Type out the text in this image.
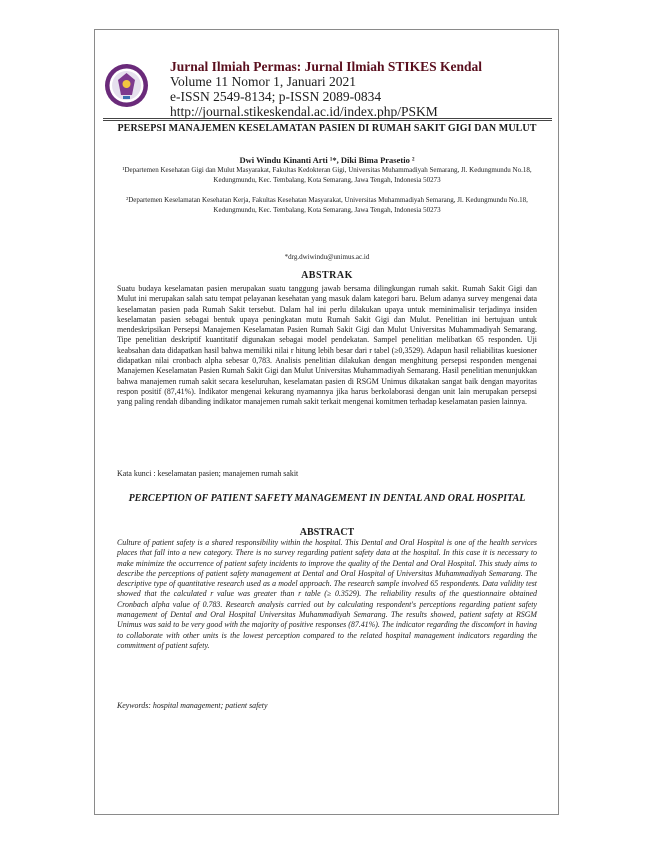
Jurnal Ilmiah Permas: Jurnal Ilmiah STIKES Kendal
Volume 11 Nomor 1, Januari 2021
e-ISSN 2549-8134; p-ISSN 2089-0834
http://journal.stikeskendal.ac.id/index.php/PSKM
PERSEPSI MANAJEMEN KESELAMATAN PASIEN DI RUMAH SAKIT GIGI DAN MULUT
Dwi Windu Kinanti Arti ¹*, Diki Bima Prasetio ²
¹Departemen Kesehatan Gigi dan Mulut Masyarakat, Fakultas Kedokteran Gigi, Universitas Muhammadiyah Semarang, Jl. Kedungmundu No.18, Kedungmundu, Kec. Tembalang, Kota Semarang, Jawa Tengah, Indonesia 50273
²Departemen Keselamatan Kesehatan Kerja, Fakultas Kesehatan Masyarakat, Universitas Muhammadiyah Semarang, Jl. Kedungmundu No.18, Kedungmundu, Kec. Tembalang, Kota Semarang, Jawa Tengah, Indonesia 50273
*drg.dwiwindu@unimus.ac.id
ABSTRAK
Suatu budaya keselamatan pasien merupakan suatu tanggung jawab bersama dilingkungan rumah sakit. Rumah Sakit Gigi dan Mulut ini merupakan salah satu tempat pelayanan kesehatan yang masuk dalam kategori baru. Belum adanya survey mengenai data keselamatan pasien pada Rumah Sakit tersebut. Dalam hal ini perlu dilakukan upaya untuk meminimalisir terjadinya insiden keselamatan pasien sebagai bentuk upaya peningkatan mutu Rumah Sakit Gigi dan Mulut. Penelitian ini bertujuan untuk mendeskripsikan Persepsi Manajemen Keselamatan Pasien Rumah Sakit Gigi dan Mulut Universitas Muhammadiyah Semarang. Tipe penelitian deskriptif kuantitatif digunakan sebagai model pendekatan. Sampel penelitian melibatkan 65 responden. Uji keabsahan data didapatkan hasil bahwa memiliki nilai r hitung lebih besar dari r tabel (≥0,3529). Adapun hasil reliabilitas kuesioner didapatkan nilai cronbach alpha sebesar 0,783. Analisis penelitian dilakukan dengan menghitung persepsi responden mengenai Manajemen Keselamatan Pasien Rumah Sakit Gigi dan Mulut Universitas Muhammadiyah Semarang. Hasil penelitian menunjukkan bahwa manajemen rumah sakit secara keseluruhan, keselamatan pasien di RSGM Unimus dikatakan sangat baik dengan mayoritas respon positif (87,41%). Indikator mengenai kekurang nyamannya jika harus berkolaborasi dengan unit lain merupakan persepsi yang paling rendah dibanding indikator manajemen rumah sakit terkait mengenai komitmen terhadap keselamatan pasien lainnya.
Kata kunci : keselamatan pasien; manajemen rumah sakit
PERCEPTION OF PATIENT SAFETY MANAGEMENT IN DENTAL AND ORAL HOSPITAL
ABSTRACT
Culture of patient safety is a shared responsibility within the hospital. This Dental and Oral Hospital is one of the health services places that fall into a new category. There is no survey regarding patient safety data at the hospital. In this case it is necessary to make minimize the occurrence of patient safety incidents to improve the quality of the Dental and Oral Hospital. This study aims to describe the perceptions of patient safety management at Dental and Oral Hospital of Universitas Muhammadiyah Semarang. The descriptive type of quantitative research used as a model approach. The research sample involved 65 respondents. Data validity test showed that the calculated r value was greater than r table (≥ 0.3529). The reliability results of the questionnaire obtained Cronbach alpha value of 0.783. Research analysis carried out by calculating respondent's perceptions regarding patient safety management of Dental and Oral Hospital Universitas Muhammadiyah Semarang. The results showed, patient safety at RSGM Unimus was said to be very good with the majority of positive responses (87.41%). The indicator regarding the discomfort in having to collaborate with other units is the lowest perception compared to the related hospital management indicators regarding the commitment of patient safety.
Keywords: hospital management; patient safety
